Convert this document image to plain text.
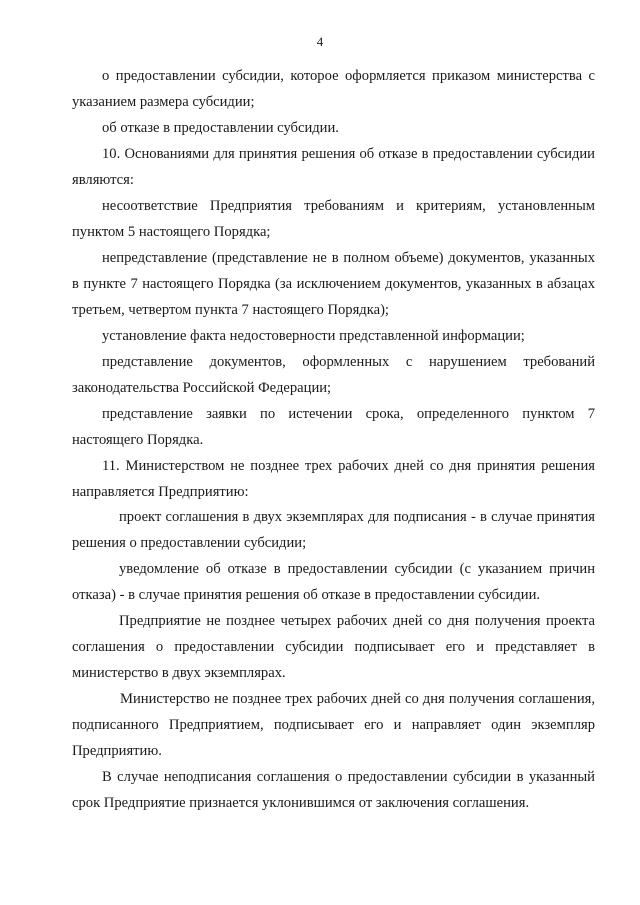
4

о предоставлении субсидии, которое оформляется приказом министерства с указанием размера субсидии;

об отказе в предоставлении субсидии.

10. Основаниями для принятия решения об отказе в предоставлении субсидии являются:

несоответствие Предприятия требованиям и критериям, установленным пунктом 5 настоящего Порядка;

непредставление (представление не в полном объеме) документов, указанных в пункте 7 настоящего Порядка (за исключением документов, указанных в абзацах третьем, четвертом пункта 7 настоящего Порядка);

установление факта недостоверности представленной информации;

представление документов, оформленных с нарушением требований законодательства Российской Федерации;

представление заявки по истечении срока, определенного пунктом 7 настоящего Порядка.

11. Министерством не позднее трех рабочих дней со дня принятия решения направляется Предприятию:

проект соглашения в двух экземплярах для подписания - в случае принятия решения о предоставлении субсидии;

уведомление об отказе в предоставлении субсидии (с указанием причин отказа) - в случае принятия решения об отказе в предоставлении субсидии.

Предприятие не позднее четырех рабочих дней со дня получения проекта соглашения о предоставлении субсидии подписывает его и представляет в министерство в двух экземплярах.

Министерство не позднее трех рабочих дней со дня получения соглашения, подписанного Предприятием, подписывает его и направляет один экземпляр Предприятию.

В случае неподписания соглашения о предоставлении субсидии в указанный срок Предприятие признается уклонившимся от заключения соглашения.
